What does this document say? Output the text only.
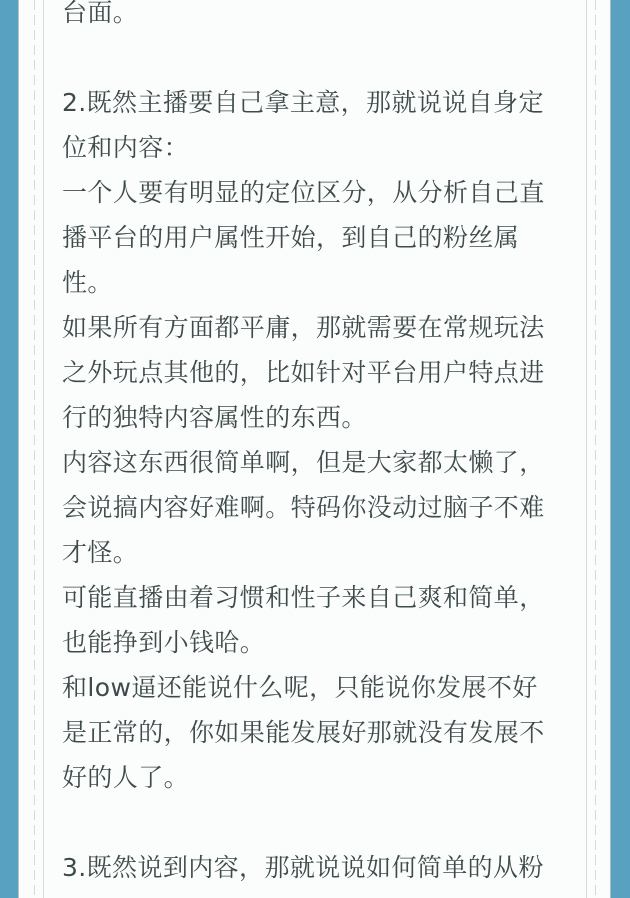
台面。
2.既然主播要自己拿主意，那就说说自身定
位和内容：
一个人要有明显的定位区分，从分析自己直
播平台的用户属性开始，到自己的粉丝属
性。
如果所有方面都平庸，那就需要在常规玩法
之外玩点其他的，比如针对平台用户特点进
行的独特内容属性的东西。
内容这东西很简单啊，但是大家都太懒了，
会说搞内容好难啊。特码你没动过脑子不难
才怪。
可能直播由着习惯和性子来自己爽和简单，
也能挣到小钱哈。
和low逼还能说什么呢，只能说你发展不好
是正常的，你如果能发展好那就没有发展不
好的人了。
3.既然说到内容，那就说说如何简单的从粉
